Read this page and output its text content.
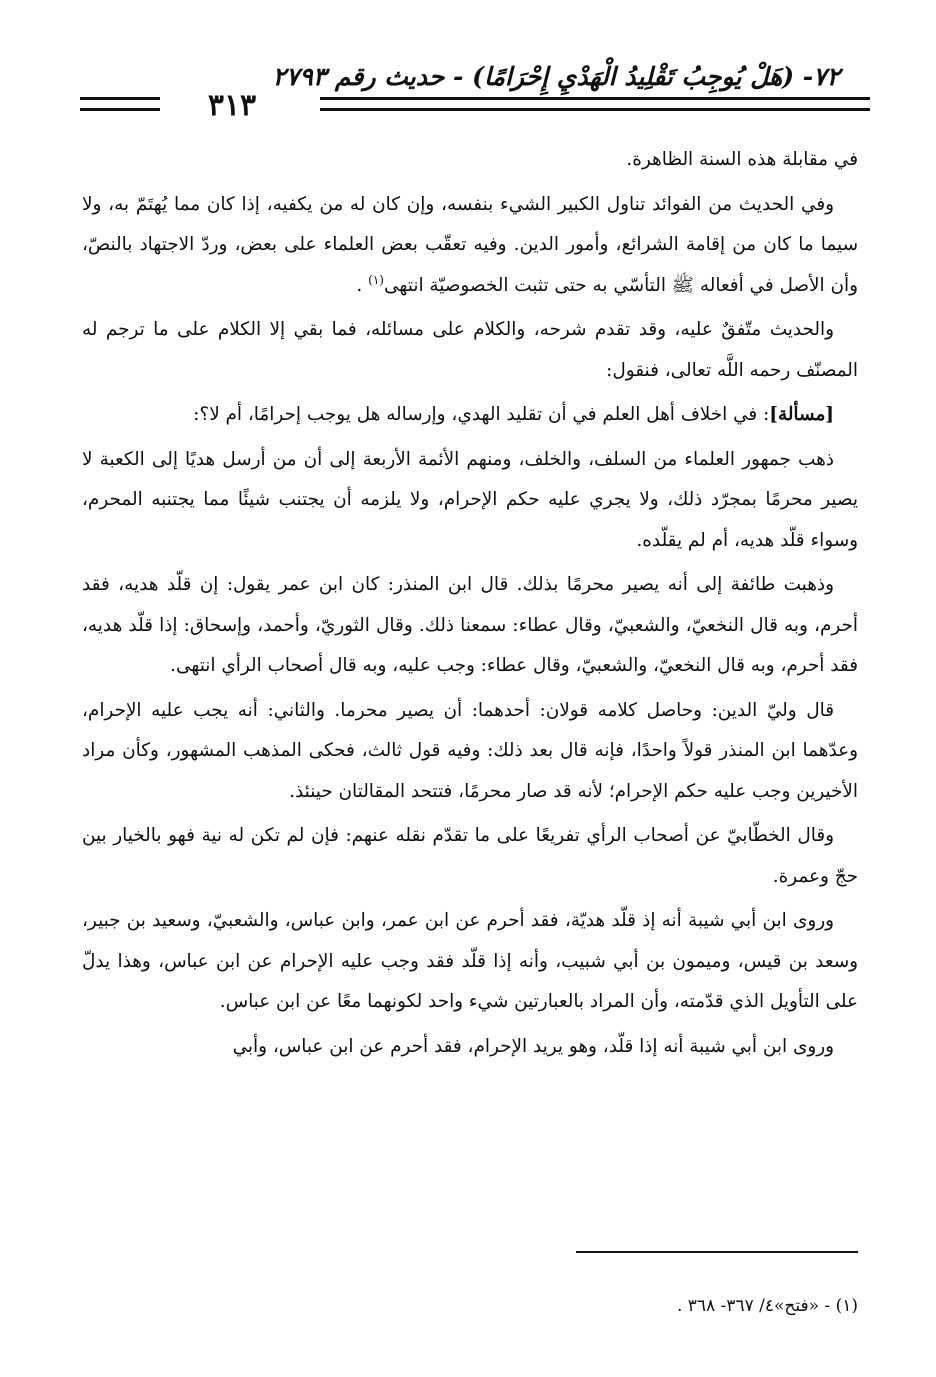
٣١٣
٧٢- (هَلْ يُوجِبُ تَقْلِيدُ الْهَدْيِ إِحْرَامًا) - حديث رقم ٢٧٩٣

في مقابلة هذه السنة الظاهرة.

وفي الحديث من الفوائد تناول الكبير الشيء بنفسه، وإن كان له من يكفيه، إذا كان مما يُهتَمّ به، ولا سيما ما كان من إقامة الشرائع، وأمور الدين. وفيه تعقّب بعض العلماء على بعض، وردّ الاجتهاد بالنصّ، وأن الأصل في أفعاله ﷺ التأسّي به حتى تثبت الخصوصيّة انتهى$^{(١)}$ .

والحديث متّفقٌ عليه، وقد تقدم شرحه، والكلام على مسائله، فما بقي إلا الكلام على ما ترجم له المصنّف رحمه اللَّه تعالى، فنقول:

[مسألة]: في اخلاف أهل العلم في أن تقليد الهدي، وإرساله هل يوجب إحرامًا، أم لا؟:

ذهب جمهور العلماء من السلف، والخلف، ومنهم الأئمة الأربعة إلى أن من أرسل هديًا إلى الكعبة لا يصير محرمًا بمجرّد ذلك، ولا يجري عليه حكم الإحرام، ولا يلزمه أن يجتنب شيئًا مما يجتنبه المحرم، وسواء قلّد هديه، أم لم يقلّده.

وذهبت طائفة إلى أنه يصير محرمًا بذلك. قال ابن المنذر: كان ابن عمر يقول: إن قلّد هديه، فقد أحرم، وبه قال النخعيّ، والشعبيّ، وقال عطاء: سمعنا ذلك. وقال الثوريّ، وأحمد، وإسحاق: إذا قلّد هديه، فقد أحرم، وبه قال النخعيّ، والشعبيّ، وقال عطاء: وجب عليه، وبه قال أصحاب الرأي انتهى.

قال وليّ الدين: وحاصل كلامه قولان: أحدهما: أن يصير محرما. والثاني: أنه يجب عليه الإحرام، وعدّهما ابن المنذر قولاً واحدًا، فإنه قال بعد ذلك: وفيه قول ثالث، فحكى المذهب المشهور، وكأن مراد الأخيرين وجب عليه حكم الإحرام؛ لأنه قد صار محرمًا، فتتحد المقالتان حينئذ.

وقال الخطّابيّ عن أصحاب الرأي تفريعًا على ما تقدّم نقله عنهم: فإن لم تكن له نية فهو بالخيار بين حجّ وعمرة.

وروى ابن أبي شيبة أنه إذ قلّد هديّة، فقد أحرم عن ابن عمر، وابن عباس، والشعبيّ، وسعيد بن جبير، وسعد بن قيس، وميمون بن أبي شبيب، وأنه إذا قلّد فقد وجب عليه الإحرام عن ابن عباس، وهذا يدلّ على التأويل الذي قدّمته، وأن المراد بالعبارتين شيء واحد لكونهما معًا عن ابن عباس.

وروى ابن أبي شيبة أنه إذا قلّد، وهو يريد الإحرام، فقد أحرم عن ابن عباس، وأبي

(١) - «فتح»٤/ ٣٦٧- ٣٦٨ .
